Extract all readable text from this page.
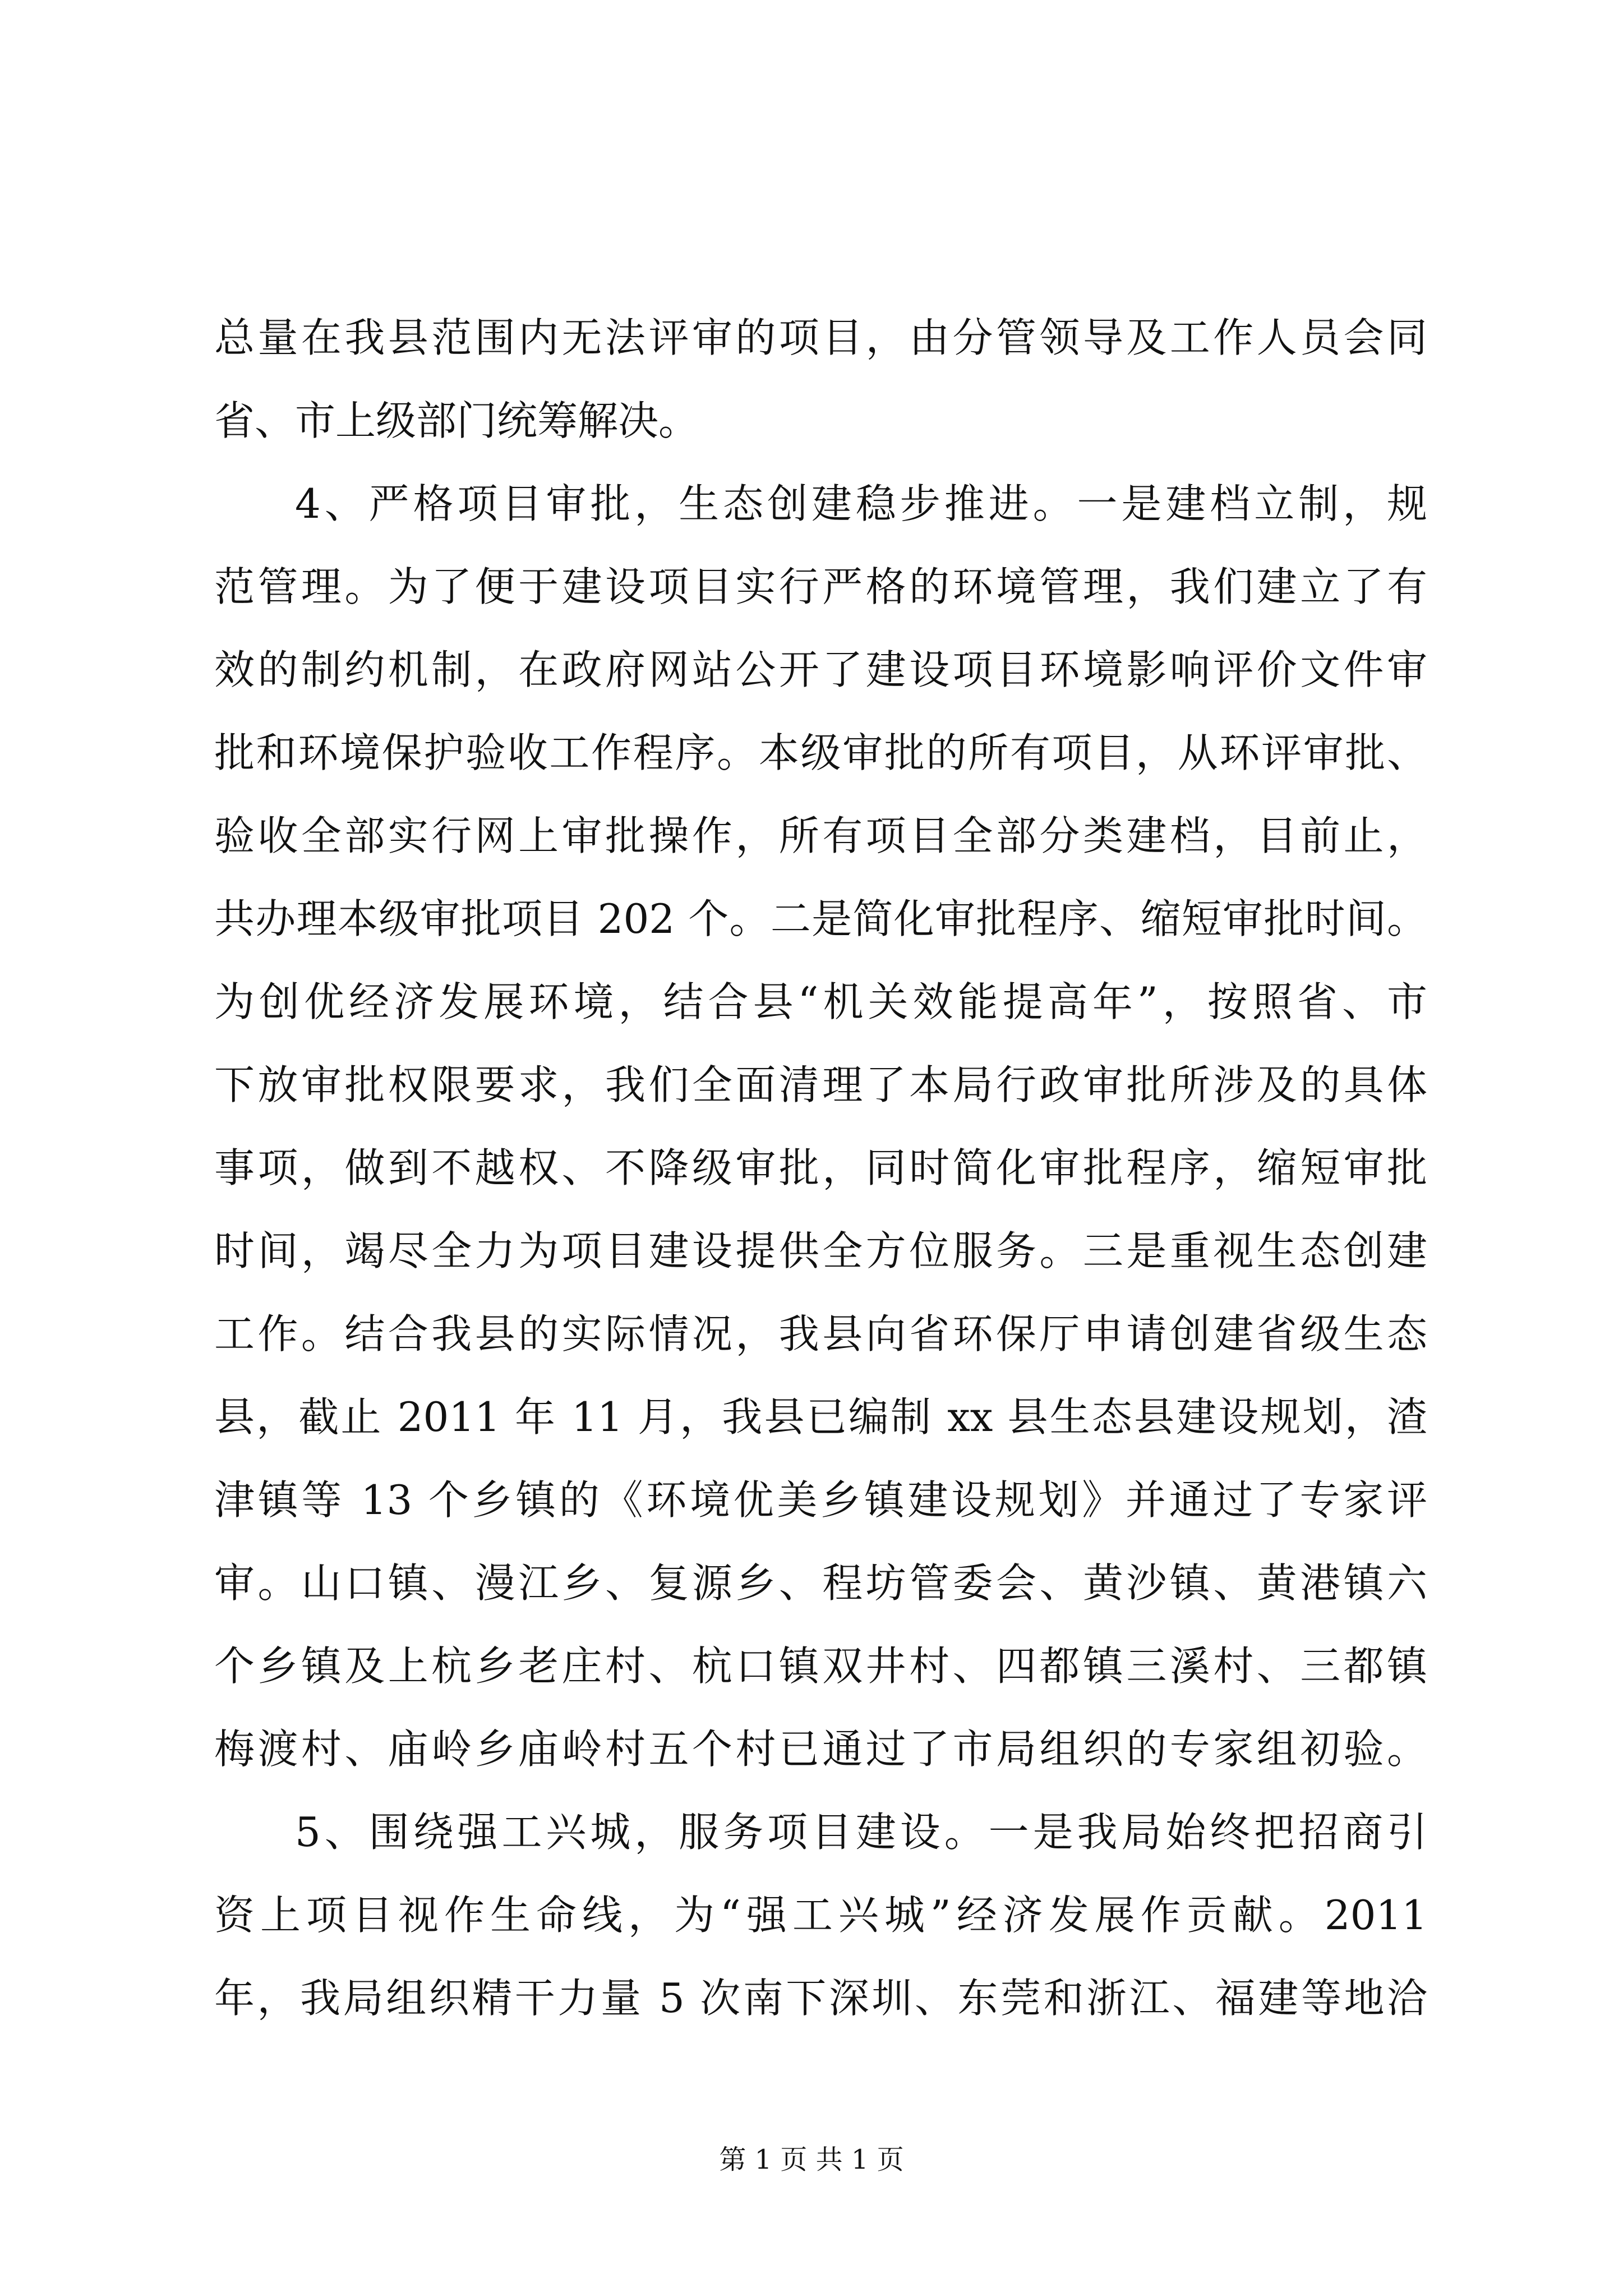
总量在我县范围内无法评审的项目，由分管领导及工作人员会同
省、市上级部门统筹解决。
4、严格项目审批，生态创建稳步推进。一是建档立制，规
范管理。为了便于建设项目实行严格的环境管理，我们建立了有
效的制约机制，在政府网站公开了建设项目环境影响评价文件审
批和环境保护验收工作程序。本级审批的所有项目，从环评审批、
验收全部实行网上审批操作，所有项目全部分类建档，目前止，
共办理本级审批项目 202 个。二是简化审批程序、缩短审批时间。
为创优经济发展环境，结合县“机关效能提高年”，按照省、市
下放审批权限要求，我们全面清理了本局行政审批所涉及的具体
事项，做到不越权、不降级审批，同时简化审批程序，缩短审批
时间，竭尽全力为项目建设提供全方位服务。三是重视生态创建
工作。结合我县的实际情况，我县向省环保厅申请创建省级生态
县，截止 2011 年 11 月，我县已编制 xx 县生态县建设规划，渣
津镇等 13 个乡镇的《环境优美乡镇建设规划》并通过了专家评
审。山口镇、漫江乡、复源乡、程坊管委会、黄沙镇、黄港镇六
个乡镇及上杭乡老庄村、杭口镇双井村、四都镇三溪村、三都镇
梅渡村、庙岭乡庙岭村五个村已通过了市局组织的专家组初验。
5、围绕强工兴城，服务项目建设。一是我局始终把招商引
资上项目视作生命线，为“强工兴城”经济发展作贡献。2011
年，我局组织精干力量 5 次南下深圳、东莞和浙江、福建等地洽
第 1 页 共 1 页
